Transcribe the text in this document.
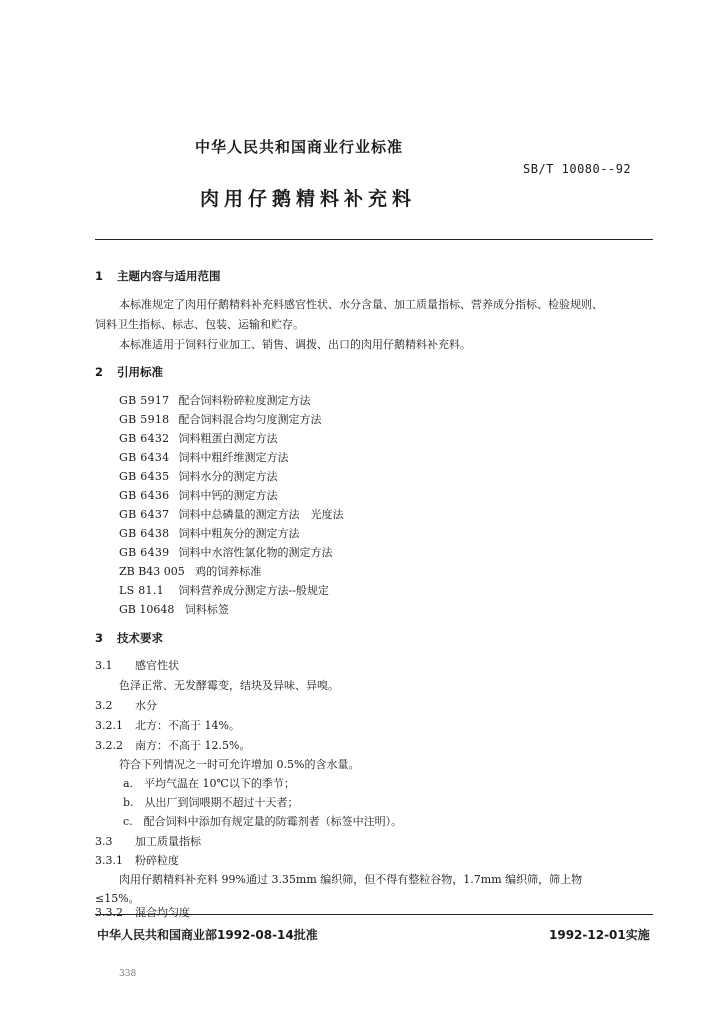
中华人民共和国商业行业标准
SB/T 10080--92
肉用仔鹅精料补充料
1 主题内容与适用范围
本标准规定了肉用仔鹅精料补充料感官性状、水分含量、加工质量指标、营养成分指标、检验规则、
饲料卫生指标、标志、包装、运输和贮存。
本标准适用于饲料行业加工、销售、调拨、出口的肉用仔鹅精料补充料。
2 引用标准
GB 5917 配合饲料粉碎粒度测定方法
GB 5918 配合饲料混合均匀度测定方法
GB 6432 饲料粗蛋白测定方法
GB 6434 饲料中粗纤维测定方法
GB 6435 饲料水分的测定方法
GB 6436 饲料中钙的测定方法
GB 6437 饲料中总磷量的测定方法　光度法
GB 6438 饲料中粗灰分的测定方法
GB 6439 饲料中水溶性氯化物的测定方法
ZB B43 005 鸡的饲养标准
LS 81.1 饲料营养成分测定方法--般规定
GB 10648 饲料标签
3 技术要求
3.1 感官性状
色泽正常、无发酵霉变，结块及异味、异嗅。
3.2 水分
3.2.1 北方：不高于 14%。
3.2.2 南方：不高于 12.5%。
符合下列情况之一时可允许增加 0.5%的含水量。
a.　平均气温在 10℃以下的季节；
b.　从出厂到饲喂期不超过十天者；
c.　配合饲料中添加有规定量的防霉剂者（标签中注明）。
3.3 加工质量指标
3.3.1 粉碎粒度
肉用仔鹅精料补充料 99%通过 3.35mm 编织筛，但不得有整粒谷物，1.7mm 编织筛，筛上物
≤15%。
3.3.2 混合均匀度
中华人民共和国商业部1992-08-14批准	1992-12-01实施
338
